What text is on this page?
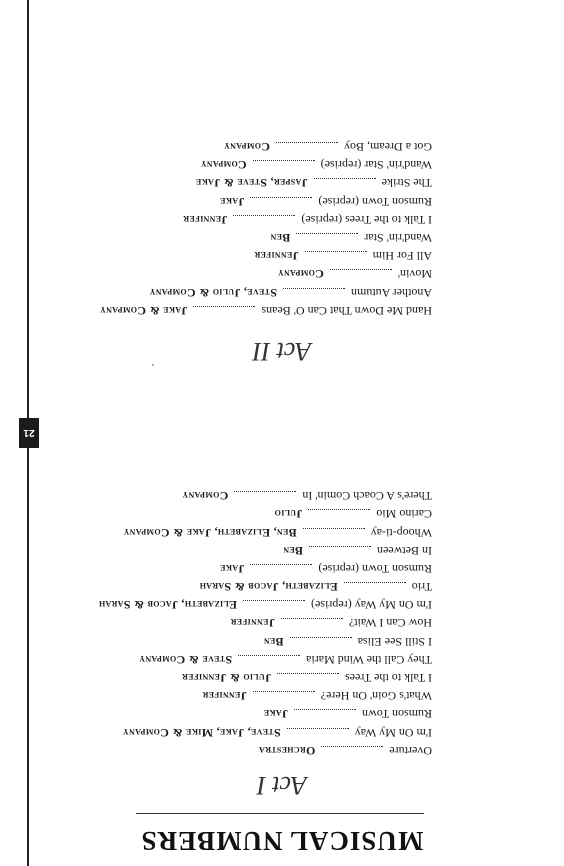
21
MUSICAL NUMBERS
Act I
Overture
Orchestra
I'm On My Way
Steve, Jake, Mike & Company
Rumson Town
Jake
What's Goin' On Here?
Jennifer
I Talk to the Trees
Julio & Jennifer
They Call the Wind Maria
Steve & Company
I Still See Elisa
Ben
How Can I Wait?
Jennifer
I'm On My Way (reprise)
Elizabeth, Jacob & Sarah
Trio
Elizabeth, Jacob & Sarah
Rumson Town (reprise)
Jake
In Between
Ben
Whoop-ti-ay
Ben, Elizabeth, Jake & Company
Carino Mio
Julio
There's A Coach Comin' In
Company
Act II
Hand Me Down That Can O' Beans
Jake & Company
Another Autumn
Steve, Julio & Company
Movin'
Company
All For Him
Jennifer
Wand'rin' Star
Ben
I Talk to the Trees (reprise)
Jennifer
Rumson Town (reprise)
Jake
The Strike
Jasper, Steve & Jake
Wand'rin' Star (reprise)
Company
Got a Dream, Boy
Company
